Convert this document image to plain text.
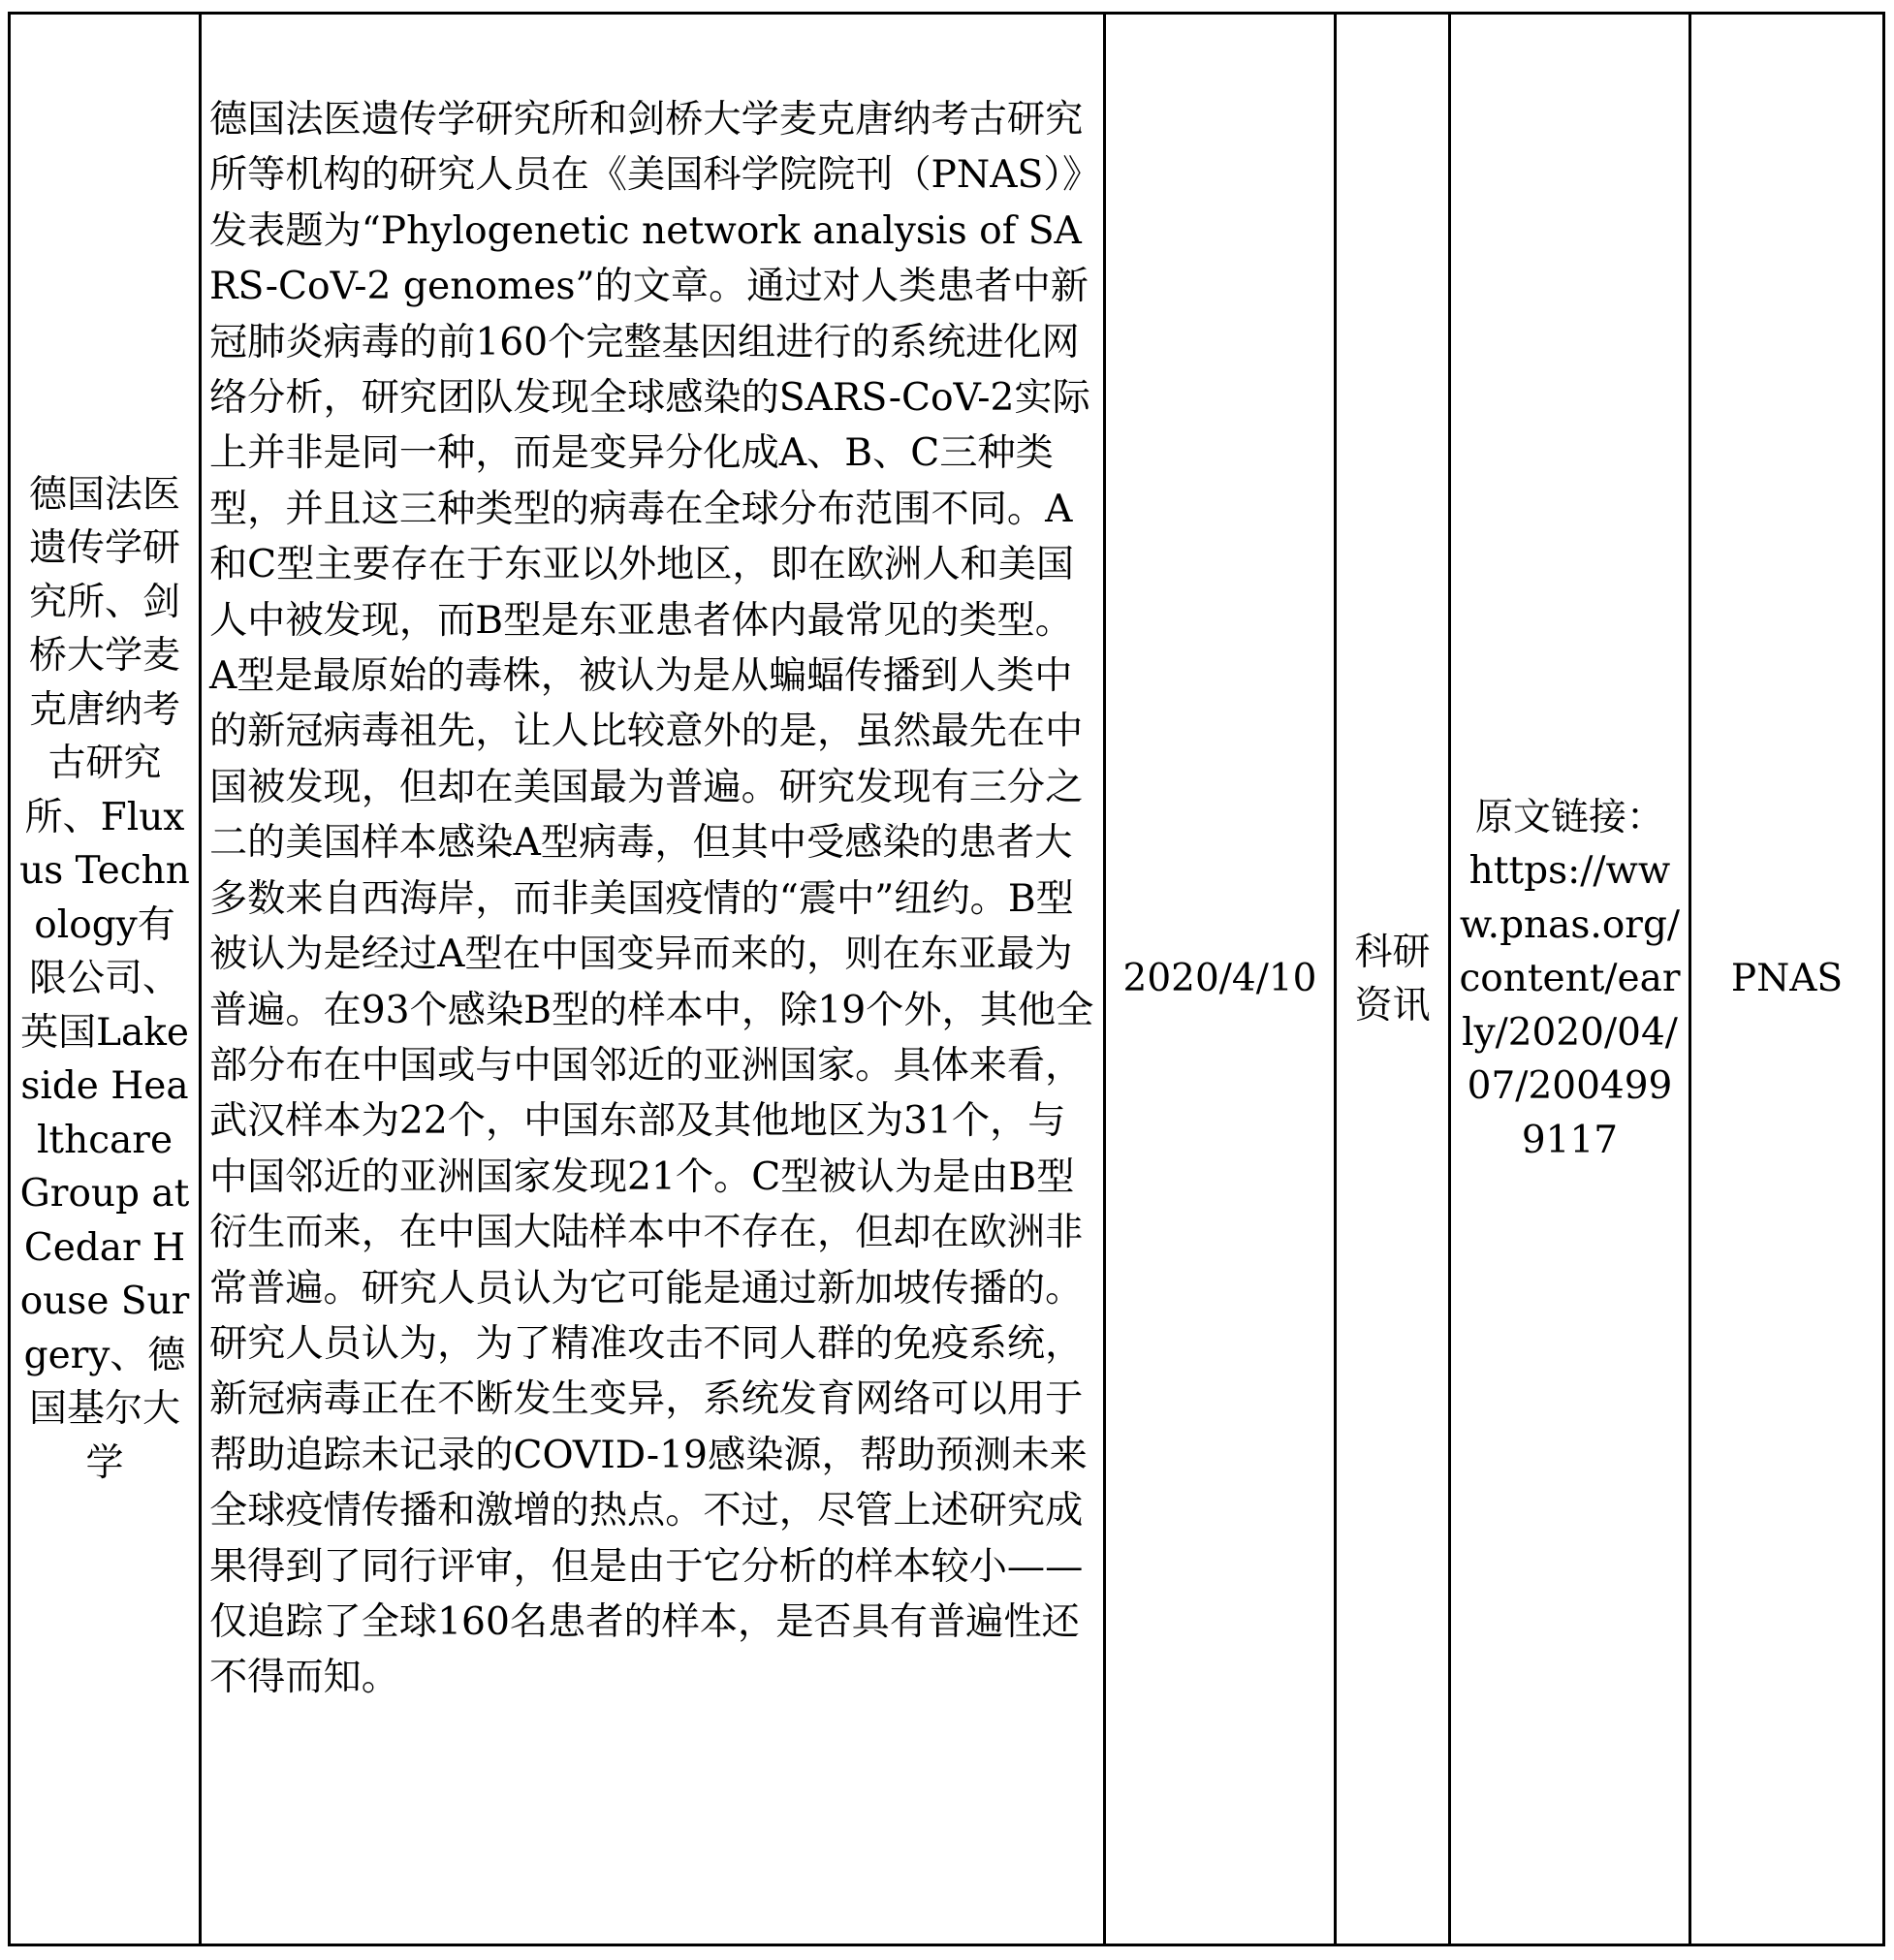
德国法医遗传学研究所、剑桥大学麦克唐纳考古研究所、Fluxus Technology有限公司、英国Lakeside Healthcare Group at Cedar House Surgery、德国基尔大学

德国法医遗传学研究所和剑桥大学麦克唐纳考古研究所等机构的研究人员在《美国科学院院刊（PNAS）》发表题为“Phylogenetic network analysis of SARS-CoV-2 genomes”的文章。通过对人类患者中新冠肺炎病毒的前160个完整基因组进行的系统进化网络分析，研究团队发现全球感染的SARS-CoV-2实际上并非是同一种，而是变异分化成A、B、C三种类型，并且这三种类型的病毒在全球分布范围不同。A和C型主要存在于东亚以外地区，即在欧洲人和美国人中被发现，而B型是东亚患者体内最常见的类型。A型是最原始的毒株，被认为是从蝙蝠传播到人类中的新冠病毒祖先，让人比较意外的是，虽然最先在中国被发现，但却在美国最为普遍。研究发现有三分之二的美国样本感染A型病毒，但其中受感染的患者大多数来自西海岸，而非美国疫情的“震中”纽约。B型被认为是经过A型在中国变异而来的，则在东亚最为普遍。在93个感染B型的样本中，除19个外，其他全部分布在中国或与中国邻近的亚洲国家。具体来看，武汉样本为22个，中国东部及其他地区为31个，与中国邻近的亚洲国家发现21个。C型被认为是由B型衍生而来，在中国大陆样本中不存在，但却在欧洲非常普遍。研究人员认为它可能是通过新加坡传播的。研究人员认为，为了精准攻击不同人群的免疫系统，新冠病毒正在不断发生变异，系统发育网络可以用于帮助追踪未记录的COVID-19感染源，帮助预测未来全球疫情传播和激增的热点。不过，尽管上述研究成果得到了同行评审，但是由于它分析的样本较小——仅追踪了全球160名患者的样本，是否具有普遍性还不得而知。

2020/4/10

科研资讯

原文链接：
https://www.pnas.org/content/early/2020/04/07/2004999117

PNAS
